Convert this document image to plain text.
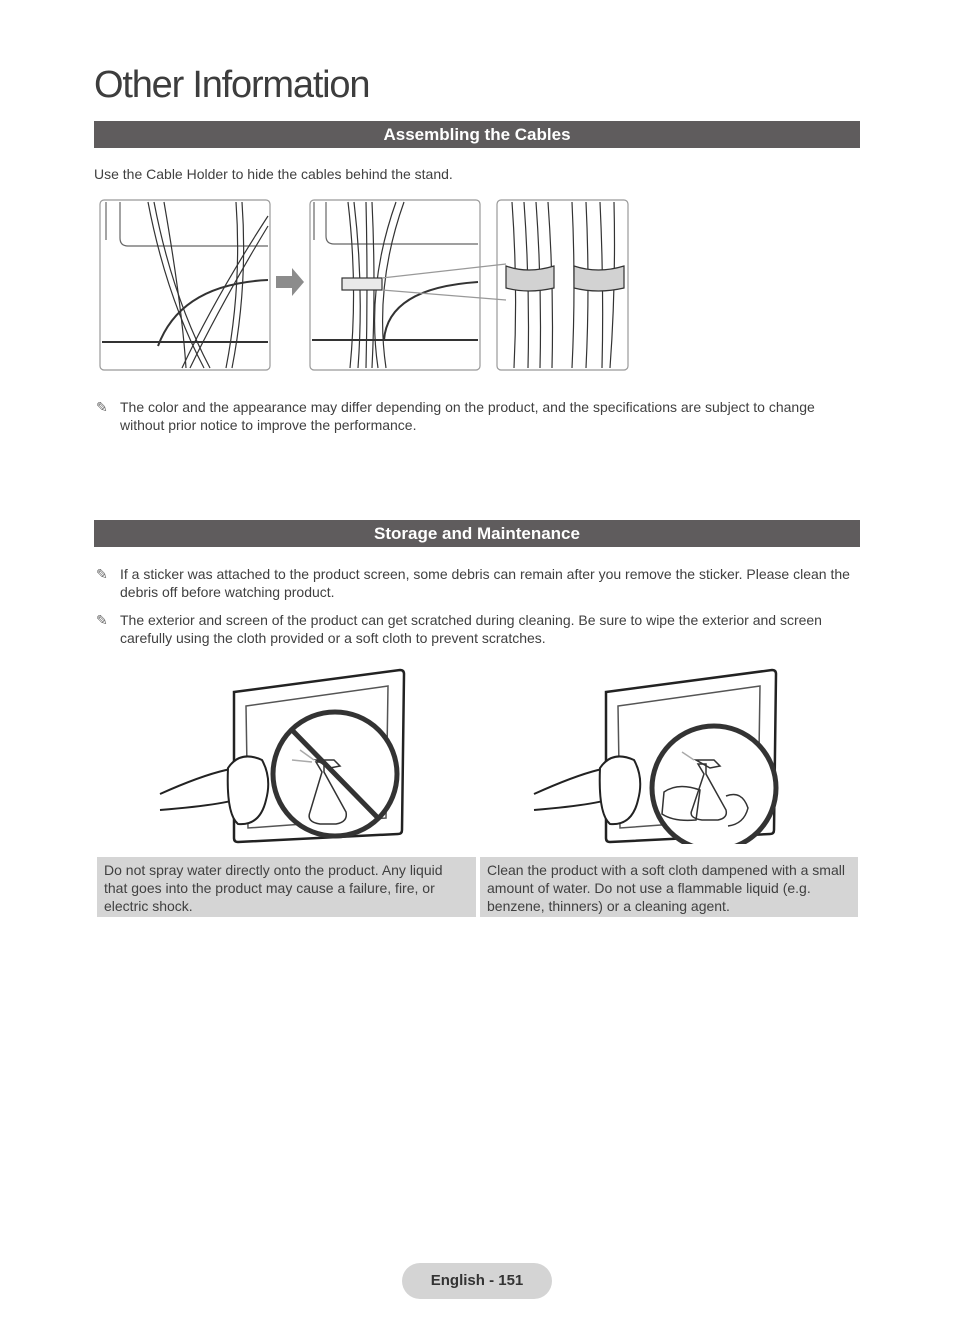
Other Information
Assembling the Cables
Use the Cable Holder to hide the cables behind the stand.
✎ The color and the appearance may differ depending on the product, and the specifications are subject to change without prior notice to improve the performance.
Storage and Maintenance
✎ If a sticker was attached to the product screen, some debris can remain after you remove the sticker. Please clean the debris off before watching product.
✎ The exterior and screen of the product can get scratched during cleaning. Be sure to wipe the exterior and screen carefully using the cloth provided or a soft cloth to prevent scratches.
Do not spray water directly onto the product. Any liquid that goes into the product may cause a failure, fire, or electric shock.
Clean the product with a soft cloth dampened with a small amount of water. Do not use a flammable liquid (e.g. benzene, thinners) or a cleaning agent.
English - 151
